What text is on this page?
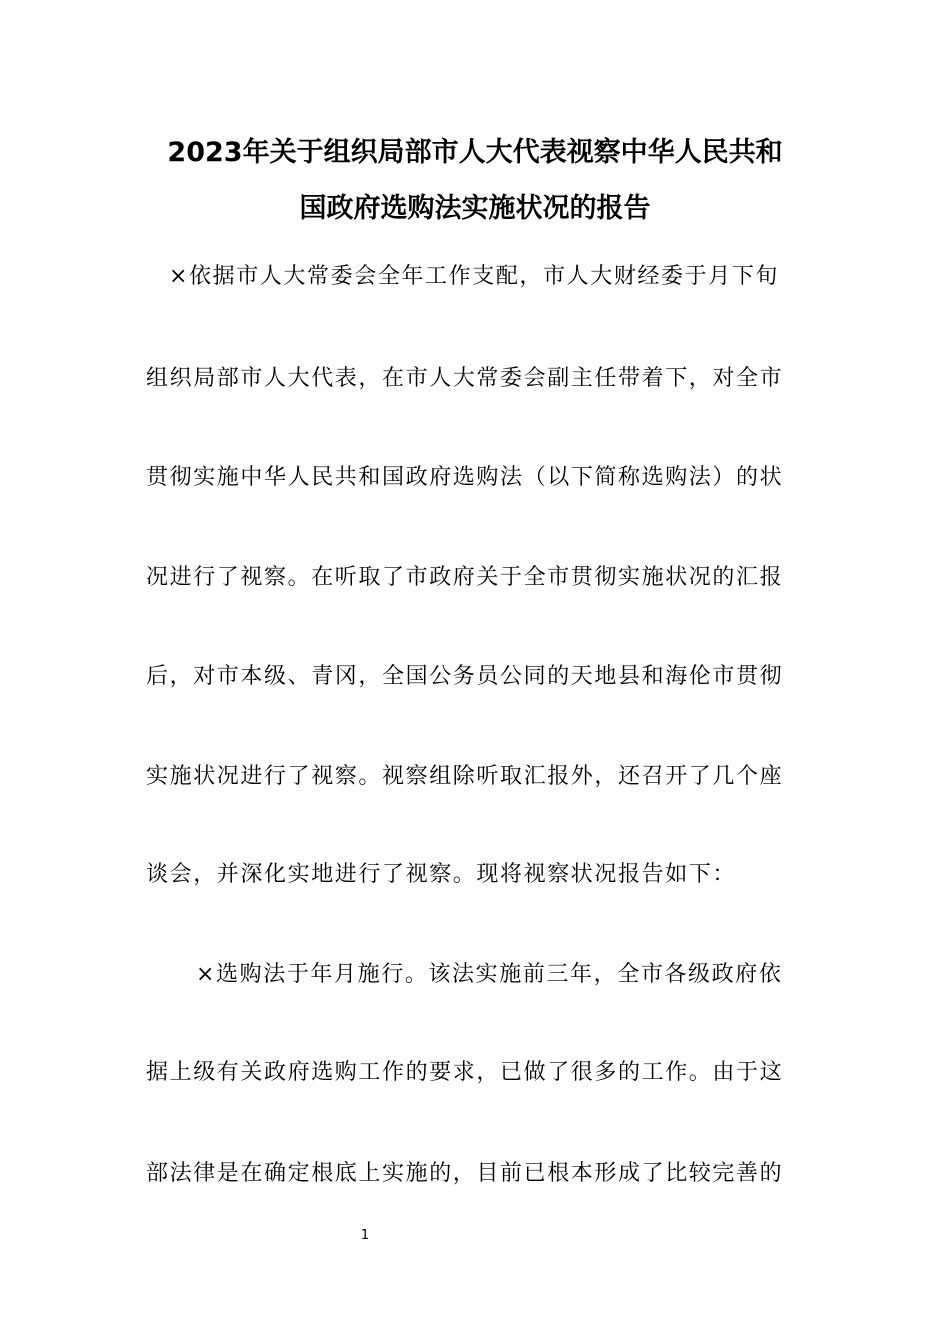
2023年关于组织局部市人大代表视察中华人民共和
国政府选购法实施状况的报告
×依据市人大常委会全年工作支配，市人大财经委于月下旬
组织局部市人大代表，在市人大常委会副主任带着下，对全市
贯彻实施中华人民共和国政府选购法（以下简称选购法）的状
况进行了视察。在听取了市政府关于全市贯彻实施状况的汇报
后，对市本级、青冈，全国公务员公同的天地县和海伦市贯彻
实施状况进行了视察。视察组除听取汇报外，还召开了几个座
谈会，并深化实地进行了视察。现将视察状况报告如下：
×选购法于年月施行。该法实施前三年，全市各级政府依
据上级有关政府选购工作的要求，已做了很多的工作。由于这
部法律是在确定根底上实施的，目前已根本形成了比较完善的
1
